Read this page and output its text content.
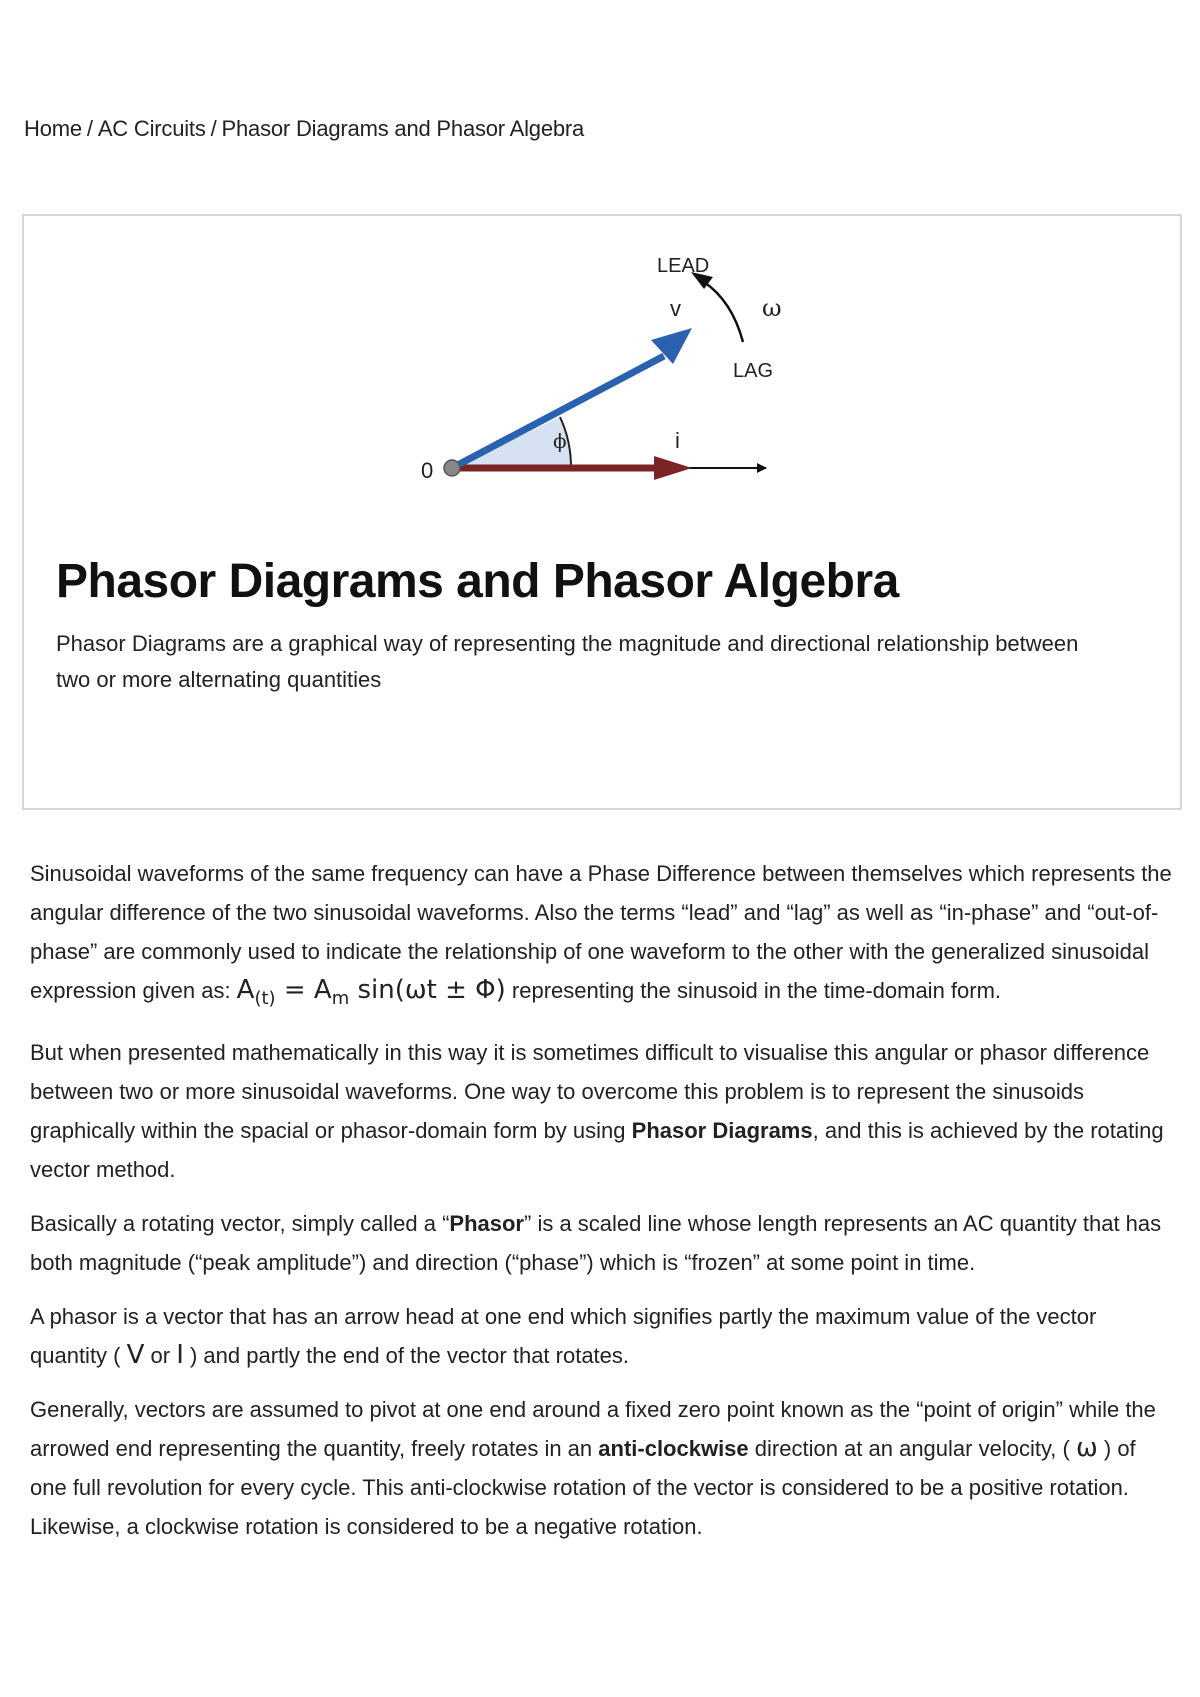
Home / AC Circuits / Phasor Diagrams and Phasor Algebra
0
v
i
ϕ
LEAD
LAG
ω
Phasor Diagrams and Phasor Algebra

Phasor Diagrams are a graphical way of representing the magnitude and directional relationship between two or more alternating quantities

Sinusoidal waveforms of the same frequency can have a Phase Difference between themselves which represents the angular difference of the two sinusoidal waveforms. Also the terms “lead” and “lag” as well as “in-phase” and “out-of-phase” are commonly used to indicate the relationship of one waveform to the other with the generalized sinusoidal expression given as: $A_{(t)} = A_m$ sin(ωt ± Φ) representing the sinusoid in the time-domain form.

But when presented mathematically in this way it is sometimes difficult to visualise this angular or phasor difference between two or more sinusoidal waveforms. One way to overcome this problem is to represent the sinusoids graphically within the spacial or phasor-domain form by using Phasor Diagrams, and this is achieved by the rotating vector method.

Basically a rotating vector, simply called a “Phasor” is a scaled line whose length represents an AC quantity that has both magnitude (“peak amplitude”) and direction (“phase”) which is “frozen” at some point in time.

A phasor is a vector that has an arrow head at one end which signifies partly the maximum value of the vector quantity ( V or I ) and partly the end of the vector that rotates.

Generally, vectors are assumed to pivot at one end around a fixed zero point known as the “point of origin” while the arrowed end representing the quantity, freely rotates in an anti-clockwise direction at an angular velocity, ( ω ) of one full revolution for every cycle. This anti-clockwise rotation of the vector is considered to be a positive rotation. Likewise, a clockwise rotation is considered to be a negative rotation.
